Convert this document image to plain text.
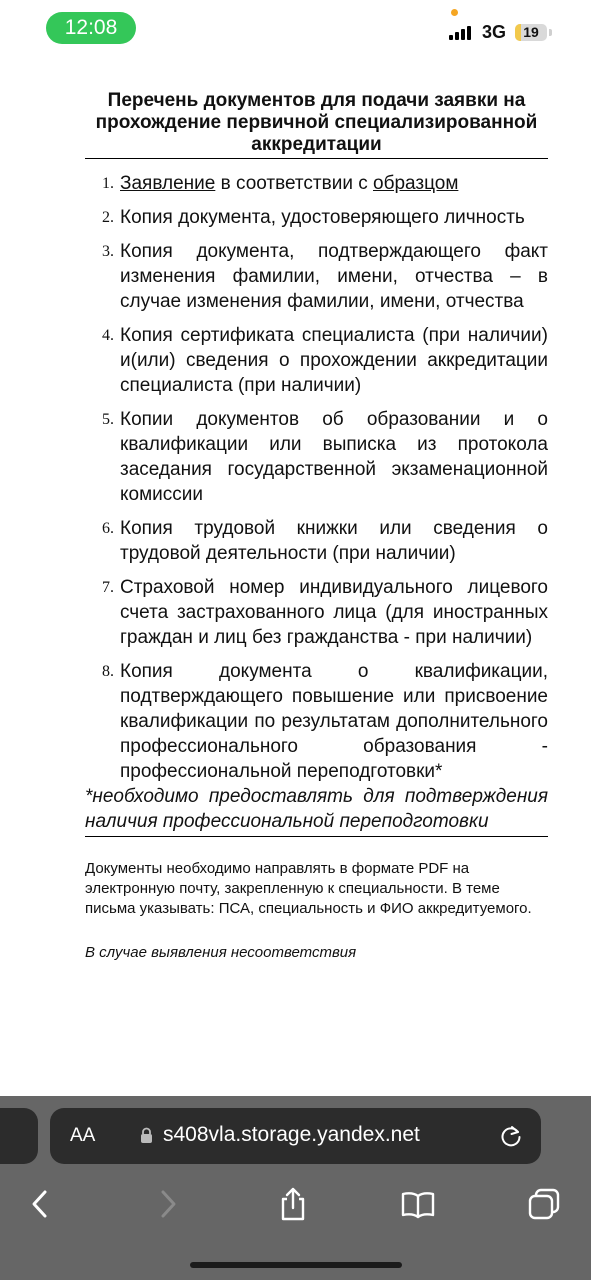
12:08	3G	19
Перечень документов для подачи заявки на прохождение первичной специализированной аккредитации
1. Заявление в соответствии с образцом
2. Копия документа, удостоверяющего личность
3. Копия документа, подтверждающего факт изменения фамилии, имени, отчества – в случае изменения фамилии, имени, отчества
4. Копия сертификата специалиста (при наличии) и(или) сведения о прохождении аккредитации специалиста (при наличии)
5. Копии документов об образовании и о квалификации или выписка из протокола заседания государственной экзаменационной комиссии
6. Копия трудовой книжки или сведения о трудовой деятельности (при наличии)
7. Страховой номер индивидуального лицевого счета застрахованного лица (для иностранных граждан и лиц без гражданства - при наличии)
8. Копия документа о квалификации, подтверждающего повышение или присвоение квалификации по результатам дополнительного профессионального образования - профессиональной переподготовки*
*необходимо предоставлять для подтверждения наличия профессиональной переподготовки
Документы необходимо направлять в формате PDF на электронную почту, закрепленную к специальности. В теме письма указывать: ПСА, специальность и ФИО аккредитуемого.
В случае выявления несоответствия
AA	s408vla.storage.yandex.net
